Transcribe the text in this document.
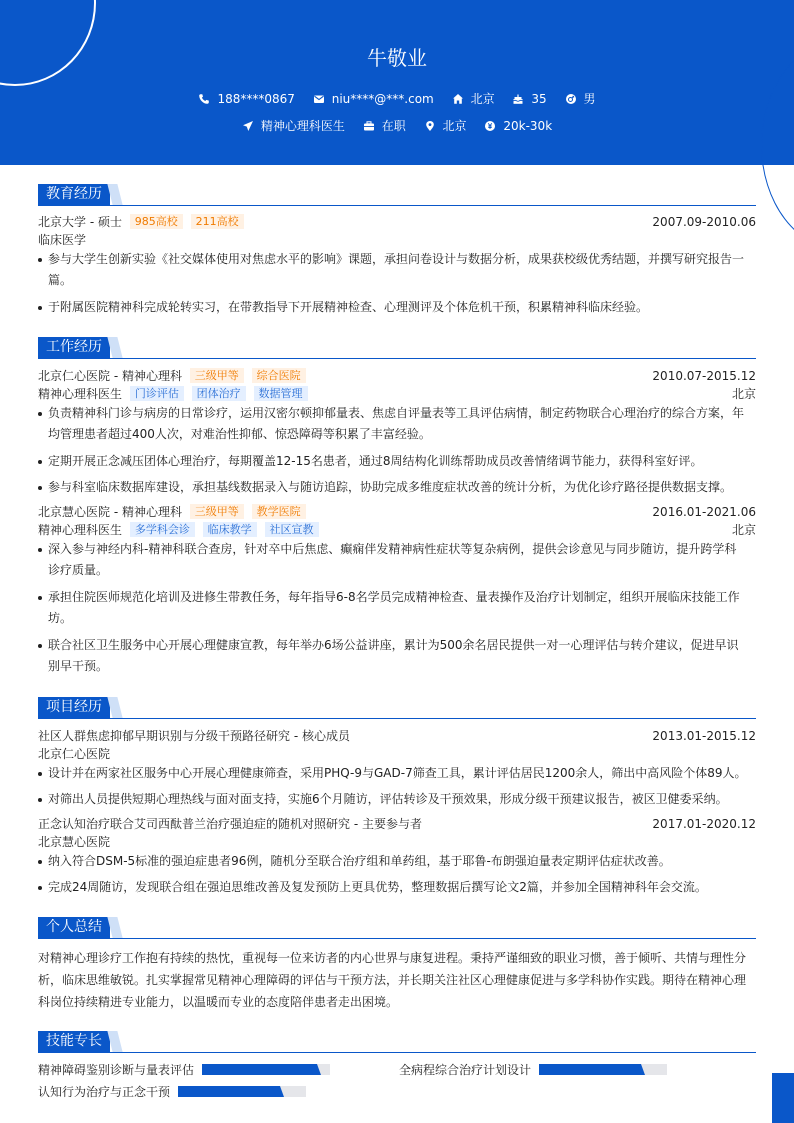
牛敬业
188****0867
	niu****@***.com
	北京
	35
	男
精神心理科医生
	在职
	北京
	20k-30k
教育经历
北京大学 - 硕士 985高校 211高校	2007.09-2010.06
临床医学
参与大学生创新实验《社交媒体使用对焦虑水平的影响》课题，承担问卷设计与数据分析，成果获校级优秀结题，并撰写研究报告一篇。
于附属医院精神科完成轮转实习，在带教指导下开展精神检查、心理测评及个体危机干预，积累精神科临床经验。
工作经历
北京仁心医院 - 精神心理科 三级甲等 综合医院	2010.07-2015.12
精神心理科医生 门诊评估 团体治疗 数据管理	北京
负责精神科门诊与病房的日常诊疗，运用汉密尔顿抑郁量表、焦虑自评量表等工具评估病情，制定药物联合心理治疗的综合方案，年均管理患者超过400人次，对难治性抑郁、惊恐障碍等积累了丰富经验。
定期开展正念减压团体心理治疗，每期覆盖12-15名患者，通过8周结构化训练帮助成员改善情绪调节能力，获得科室好评。
参与科室临床数据库建设，承担基线数据录入与随访追踪，协助完成多维度症状改善的统计分析，为优化诊疗路径提供数据支撑。
北京慧心医院 - 精神心理科 三级甲等 教学医院	2016.01-2021.06
精神心理科医生 多学科会诊 临床教学 社区宣教	北京
深入参与神经内科-精神科联合查房，针对卒中后焦虑、癫痫伴发精神病性症状等复杂病例，提供会诊意见与同步随访，提升跨学科诊疗质量。
承担住院医师规范化培训及进修生带教任务，每年指导6-8名学员完成精神检查、量表操作及治疗计划制定，组织开展临床技能工作坊。
联合社区卫生服务中心开展心理健康宣教，每年举办6场公益讲座，累计为500余名居民提供一对一心理评估与转介建议，促进早识别早干预。
项目经历
社区人群焦虑抑郁早期识别与分级干预路径研究 - 核心成员	2013.01-2015.12
北京仁心医院
设计并在两家社区服务中心开展心理健康筛查，采用PHQ-9与GAD-7筛查工具，累计评估居民1200余人，筛出中高风险个体89人。
对筛出人员提供短期心理热线与面对面支持，实施6个月随访，评估转诊及干预效果，形成分级干预建议报告，被区卫健委采纳。
正念认知治疗联合艾司西酞普兰治疗强迫症的随机对照研究 - 主要参与者	2017.01-2020.12
北京慧心医院
纳入符合DSM-5标准的强迫症患者96例，随机分至联合治疗组和单药组，基于耶鲁-布朗强迫量表定期评估症状改善。
完成24周随访，发现联合组在强迫思维改善及复发预防上更具优势，整理数据后撰写论文2篇，并参加全国精神科年会交流。
个人总结
对精神心理诊疗工作抱有持续的热忱，重视每一位来访者的内心世界与康复进程。秉持严谨细致的职业习惯，善于倾听、共情与理性分析，临床思维敏锐。扎实掌握常见精神心理障碍的评估与干预方法，并长期关注社区心理健康促进与多学科协作实践。期待在精神心理科岗位持续精进专业能力，以温暖而专业的态度陪伴患者走出困境。
技能专长
精神障碍鉴别诊断与量表评估	全病程综合治疗计划设计
认知行为治疗与正念干预
